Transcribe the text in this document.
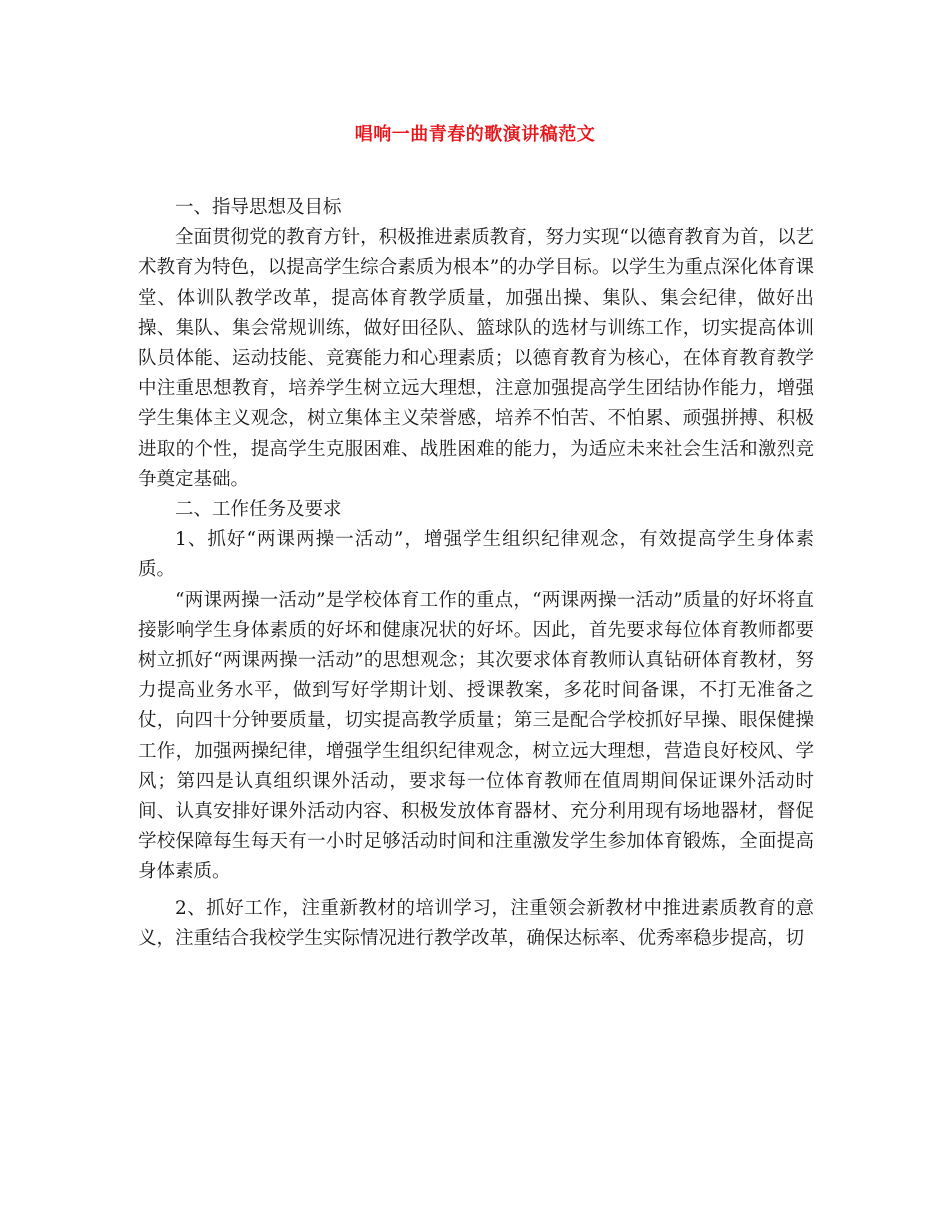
唱响一曲青春的歌演讲稿范文

一、指导思想及目标

全面贯彻党的教育方针，积极推进素质教育，努力实现“以德育教育为首，以艺术教育为特色，以提高学生综合素质为根本”的办学目标。以学生为重点深化体育课堂、体训队教学改革，提高体育教学质量，加强出操、集队、集会纪律，做好出操、集队、集会常规训练，做好田径队、篮球队的选材与训练工作，切实提高体训队员体能、运动技能、竞赛能力和心理素质；以德育教育为核心，在体育教育教学中注重思想教育，培养学生树立远大理想，注意加强提高学生团结协作能力，增强学生集体主义观念，树立集体主义荣誉感，培养不怕苦、不怕累、顽强拼搏、积极进取的个性，提高学生克服困难、战胜困难的能力，为适应未来社会生活和激烈竞争奠定基础。

二、工作任务及要求

1、抓好“两课两操一活动”，增强学生组织纪律观念，有效提高学生身体素质。

“两课两操一活动”是学校体育工作的重点，“两课两操一活动”质量的好坏将直接影响学生身体素质的好坏和健康况状的好坏。因此，首先要求每位体育教师都要树立抓好“两课两操一活动”的思想观念；其次要求体育教师认真钻研体育教材，努力提高业务水平，做到写好学期计划、授课教案，多花时间备课，不打无准备之仗，向四十分钟要质量，切实提高教学质量；第三是配合学校抓好早操、眼保健操工作，加强两操纪律，增强学生组织纪律观念，树立远大理想，营造良好校风、学风；第四是认真组织课外活动，要求每一位体育教师在值周期间保证课外活动时间、认真安排好课外活动内容、积极发放体育器材、充分利用现有场地器材，督促学校保障每生每天有一小时足够活动时间和注重激发学生参加体育锻炼，全面提高身体素质。

2、抓好工作，注重新教材的培训学习，注重领会新教材中推进素质教育的意义，注重结合我校学生实际情况进行教学改革，确保达标率、优秀率稳步提高，切
